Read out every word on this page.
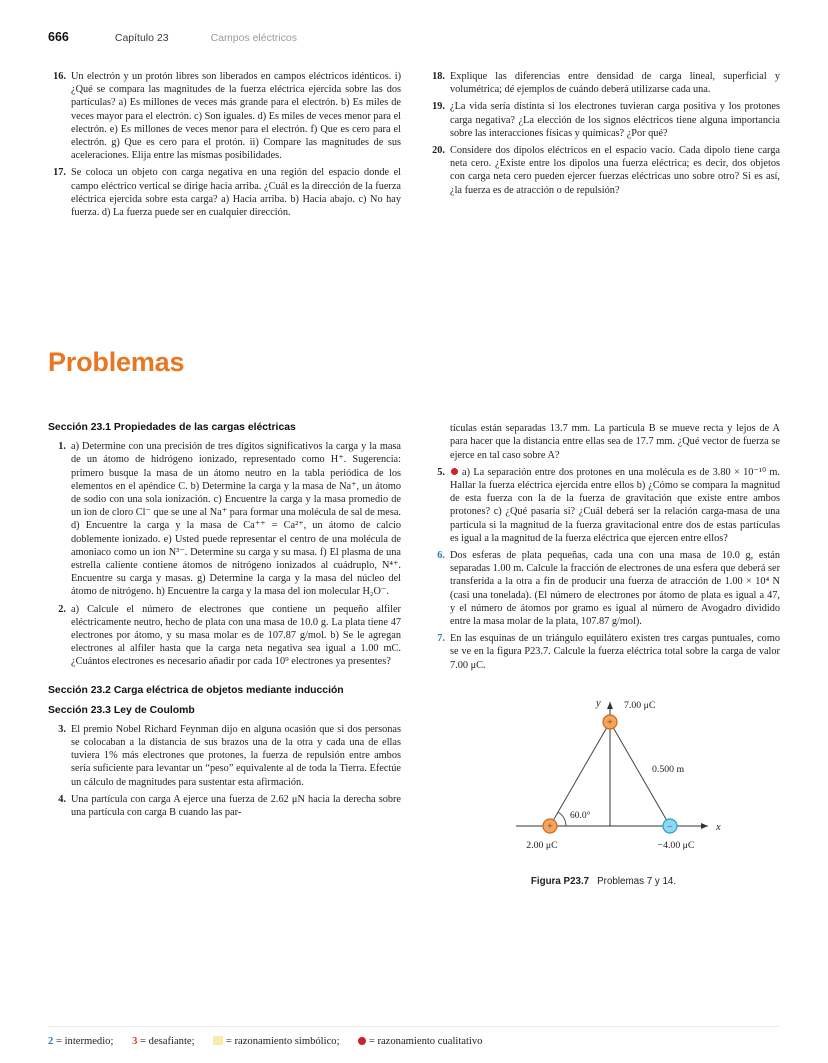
666	Capítulo 23	Campos eléctricos
16. Un electrón y un protón libres son liberados en campos eléctricos idénticos. i) ¿Qué se compara las magnitudes de la fuerza eléctrica ejercida sobre las dos partículas? a) Es millones de veces más grande para el electrón. b) Es miles de veces mayor para el electrón. c) Son iguales. d) Es miles de veces menor para el electrón. e) Es millones de veces menor para el electrón. f) Que es cero para el electrón. g) Que es cero para el protón. ii) Compare las magnitudes de sus aceleraciones. Elija entre las mismas posibilidades.
17. Se coloca un objeto con carga negativa en una región del espacio donde el campo eléctrico vertical se dirige hacia arriba. ¿Cuál es la dirección de la fuerza eléctrica ejercida sobre esta carga? a) Hacia arriba. b) Hacia abajo. c) No hay fuerza. d) La fuerza puede ser en cualquier dirección.
18. Explique las diferencias entre densidad de carga lineal, superficial y volumétrica; dé ejemplos de cuándo deberá utilizarse cada una.
19. ¿La vida sería distinta si los electrones tuvieran carga positiva y los protones carga negativa? ¿La elección de los signos eléctricos tiene alguna importancia sobre las interacciones físicas y químicas? ¿Por qué?
20. Considere dos dipolos eléctricos en el espacio vacío. Cada dipolo tiene carga neta cero. ¿Existe entre los dipolos una fuerza eléctrica; es decir, dos objetos con carga neta cero pueden ejercer fuerzas eléctricas uno sobre otro? Si es así, ¿la fuerza es de atracción o de repulsión?
Problemas
Sección 23.1 Propiedades de las cargas eléctricas
1. a) Determine con una precisión de tres dígitos significativos la carga y la masa de un átomo de hidrógeno ionizado, representado como H⁺. Sugerencia: primero busque la masa de un átomo neutro en la tabla periódica de los elementos en el apéndice C. b) Determine la carga y la masa de Na⁺, un átomo de sodio con una sola ionización. c) Encuentre la carga y la masa promedio de un ion de cloro Cl⁻ que se une al Na⁺ para formar una molécula de sal de mesa. d) Encuentre la carga y la masa de Ca⁺⁺ = Ca²⁺, un átomo de calcio doblemente ionizado. e) Usted puede representar el centro de una molécula de amoniaco como un ion N³⁻. Determine su carga y su masa. f) El plasma de una estrella caliente contiene átomos de nitrógeno ionizados al cuádruplo, N⁴⁺. Encuentre su carga y masas. g) Determine la carga y la masa del núcleo del átomo de nitrógeno. h) Encuentre la carga y la masa del ion molecular H₂O⁻.
2. a) Calcule el número de electrones que contiene un pequeño alfiler eléctricamente neutro, hecho de plata con una masa de 10.0 g. La plata tiene 47 electrones por átomo, y su masa molar es de 107.87 g/mol. b) Se le agregan electrones al alfiler hasta que la carga neta negativa sea igual a 1.00 mC. ¿Cuántos electrones es necesario añadir por cada 10⁹ electrones ya presentes?
Sección 23.2 Carga eléctrica de objetos mediante inducción
Sección 23.3 Ley de Coulomb
3. El premio Nobel Richard Feynman dijo en alguna ocasión que si dos personas se colocaban a la distancia de sus brazos una de la otra y cada una de ellas tuviera 1% más electrones que protones, la fuerza de repulsión entre ambos sería suficiente para levantar un “peso” equivalente al de toda la Tierra. Efectúe un cálculo de magnitudes para sustentar esta afirmación.
4. Una partícula con carga A ejerce una fuerza de 2.62 μN hacia la derecha sobre una partícula con carga B cuando las par-
tículas están separadas 13.7 mm. La partícula B se mueve recta y lejos de A para hacer que la distancia entre ellas sea de 17.7 mm. ¿Qué vector de fuerza se ejerce en tal caso sobre A?
5.	a) La separación entre dos protones en una molécula es de 3.80 × 10⁻¹⁰ m. Hallar la fuerza eléctrica ejercida entre ellos b) ¿Cómo se compara la magnitud de esta fuerza con la de la fuerza de gravitación que existe entre ambos protones? c) ¿Qué pasaría si? ¿Cuál deberá ser la relación carga-masa de una partícula si la magnitud de la fuerza gravitacional entre dos de estas partículas es igual a la magnitud de la fuerza eléctrica que ejercen entre ellos?
6. Dos esferas de plata pequeñas, cada una con una masa de 10.0 g, están separadas 1.00 m. Calcule la fracción de electrones de una esfera que deberá ser transferida a la otra a fin de producir una fuerza de atracción de 1.00 × 10⁴ N (casi una tonelada). (El número de electrones por átomo de plata es igual a 47, y el número de átomos por gramo es igual al número de Avogadro dividido entre la masa molar de la plata, 107.87 g/mol).
7. En las esquinas de un triángulo equilátero existen tres cargas puntuales, como se ve en la figura P23.7. Calcule la fuerza eléctrica total sobre la carga de valor 7.00 μC.
x
y
60.0°
0.500 m
+
7.00 μC
+
2.00 μC
−
−4.00 μC
Figura P23.7 Problemas 7 y 14.
2 = intermedio; 3 = desafiante;	= razonamiento simbólico;	= razonamiento cualitativo
